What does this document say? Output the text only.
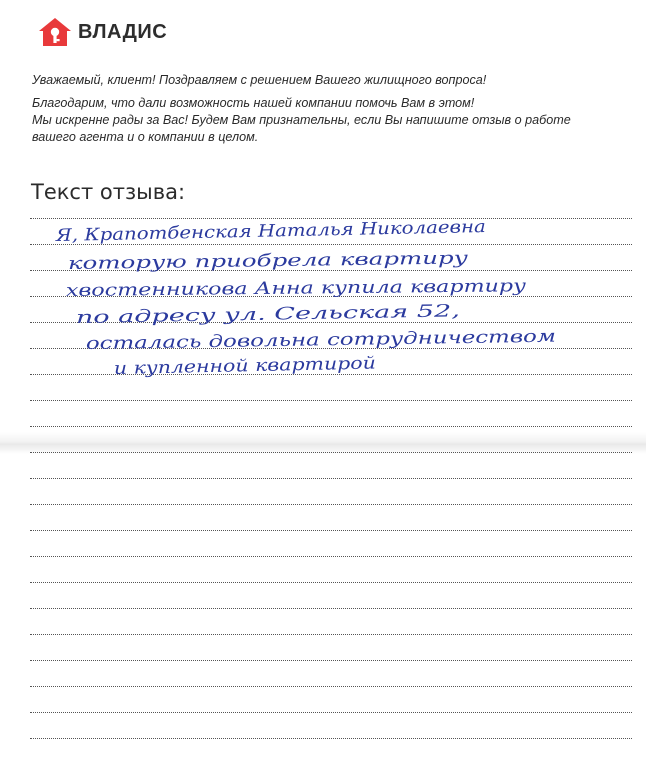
ВЛАДИС

Уважаемый, клиент! Поздравляем с решением Вашего жилищного вопроса!

Благодарим, что дали возможность нашей компании помочь Вам в этом!

Мы искренне рады за Вас! Будем Вам признательны, если Вы напишите отзыв о работе

вашего агента и о компании в целом.

Текст отзыва:
Я, Крапотбенская Наталья Николаевна
которую приобрела квартиру
хвостенникова Анна купила квартиру
по адресу ул. Сельская 52,
осталась довольна сотрудничеством
и купленной квартирой
